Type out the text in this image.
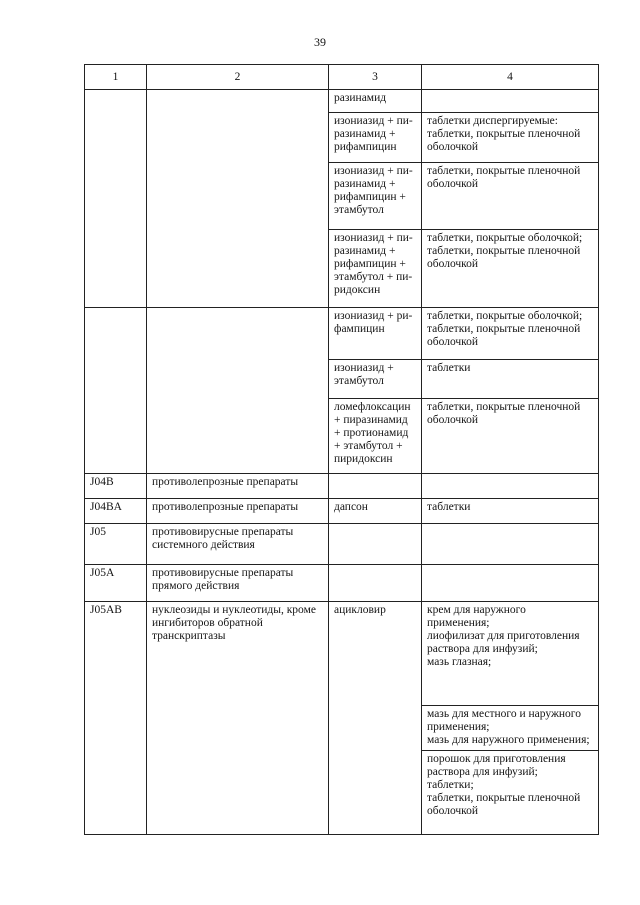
39
1	2	3	4
		разинамид	
		изониазид + пи-
разинамид +
рифампицин	таблетки диспергируемые:
таблетки, покрытые пленочной
оболочкой
		изониазид + пи-
разинамид +
рифампицин +
этамбутол	таблетки, покрытые пленочной
оболочкой
		изониазид + пи-
разинамид +
рифампицин +
этамбутол + пи-
ридоксин	таблетки, покрытые оболочкой;
таблетки, покрытые пленочной
оболочкой
		изониазид + ри-
фампицин	таблетки, покрытые оболочкой;
таблетки, покрытые пленочной
оболочкой
		изониазид +
этамбутол	таблетки
		ломефлоксацин
+ пиразинамид
+ протионамид
+ этамбутол +
пиридоксин	таблетки, покрытые пленочной
оболочкой
J04B	противолепрозные препараты		
J04BA	противолепрозные препараты	дапсон	таблетки
J05	противовирусные препараты
системного действия		
J05A	противовирусные препараты
прямого действия		
J05AB	нуклеозиды и нуклеотиды, кроме
ингибиторов обратной
транскриптазы	ацикловир	крем для наружного
применения;
лиофилизат для приготовления
раствора для инфузий;
мазь глазная;
			мазь для местного и наружного
применения;
мазь для наружного применения;
			порошок для приготовления
раствора для инфузий;
таблетки;
таблетки, покрытые пленочной
оболочкой
